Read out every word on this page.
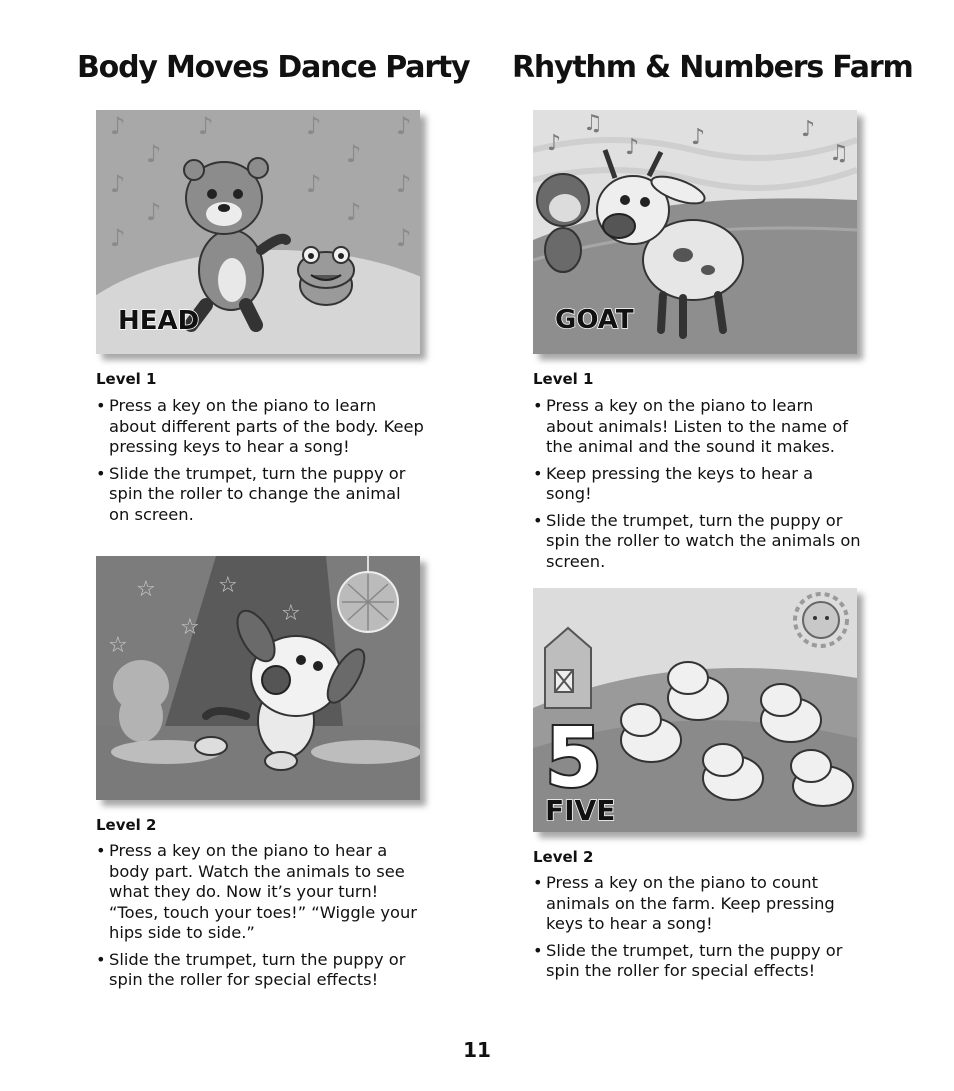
Body Moves Dance Party
♪	♪	♪	♪
♪	♪
♪	♪	♪
♪	♪
♪	♪
HEAD
Level 1
• Press a key on the piano to learn about different parts of the body. Keep pressing keys to hear a song!
• Slide the trumpet, turn the puppy or spin the roller to change the animal on screen.
☆	☆
☆
☆
☆
Level 2
• Press a key on the piano to hear a body part. Watch the animals to see what they do. Now it’s your turn! “Toes, touch your toes!” “Wiggle your hips side to side.”
• Slide the trumpet, turn the puppy or spin the roller for special effects!
Rhythm & Numbers Farm
♪
♫
♪ ♪	♪
♫
GOAT
Level 1
• Press a key on the piano to learn about animals! Listen to the name of the animal and the sound it makes.
• Keep pressing the keys to hear a song!
• Slide the trumpet, turn the puppy or spin the roller to watch the animals on screen.
5
FIVE
Level 2
• Press a key on the piano to count animals on the farm. Keep pressing keys to hear a song!
• Slide the trumpet, turn the puppy or spin the roller for special effects!
11
